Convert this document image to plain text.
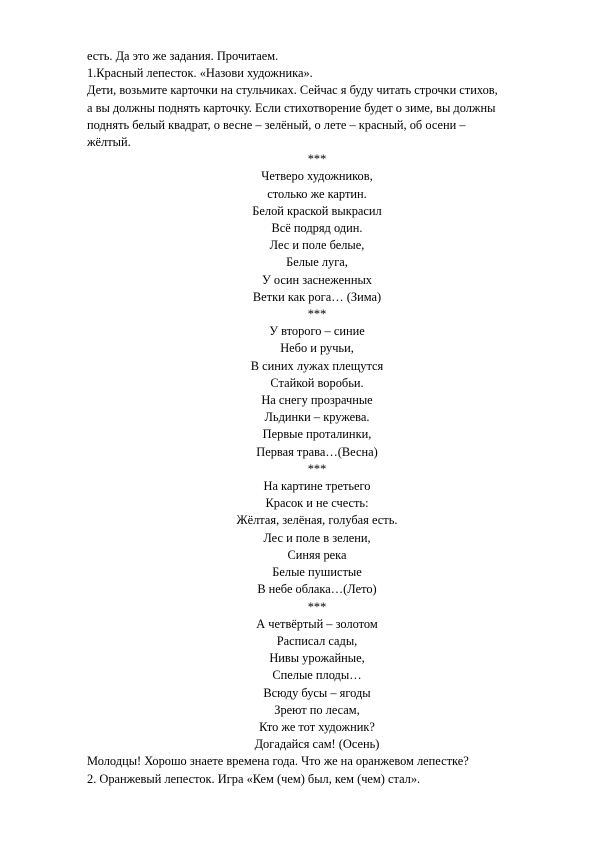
есть. Да это же задания. Прочитаем.
1.Красный лепесток. «Назови художника».
Дети, возьмите карточки на стульчиках. Сейчас я буду читать строчки стихов,
а вы должны поднять карточку. Если стихотворение будет о зиме, вы должны
поднять белый квадрат, о весне – зелёный, о лете – красный, об осени –
жёлтый.
***
Четверо художников,
столько же картин.
Белой краской выкрасил
Всё подряд один.
Лес и поле белые,
Белые луга,
У осин заснеженных
Ветки как рога… (Зима)
***
У второго – синие
Небо и ручьи,
В синих лужах плещутся
Стайкой воробьи.
На снегу прозрачные
Льдинки – кружева.
Первые проталинки,
Первая трава…(Весна)
***
На картине третьего
Красок и не счесть:
Жёлтая, зелёная, голубая есть.
Лес и поле в зелени,
Синяя река
Белые пушистые
В небе облака…(Лето)
***
А четвёртый – золотом
Расписал сады,
Нивы урожайные,
Спелые плоды…
Всюду бусы – ягоды
Зреют по лесам,
Кто же тот художник?
Догадайся сам! (Осень)
Молодцы! Хорошо знаете времена года. Что же на оранжевом лепестке?
2. Оранжевый лепесток. Игра «Кем (чем) был, кем (чем) стал».
